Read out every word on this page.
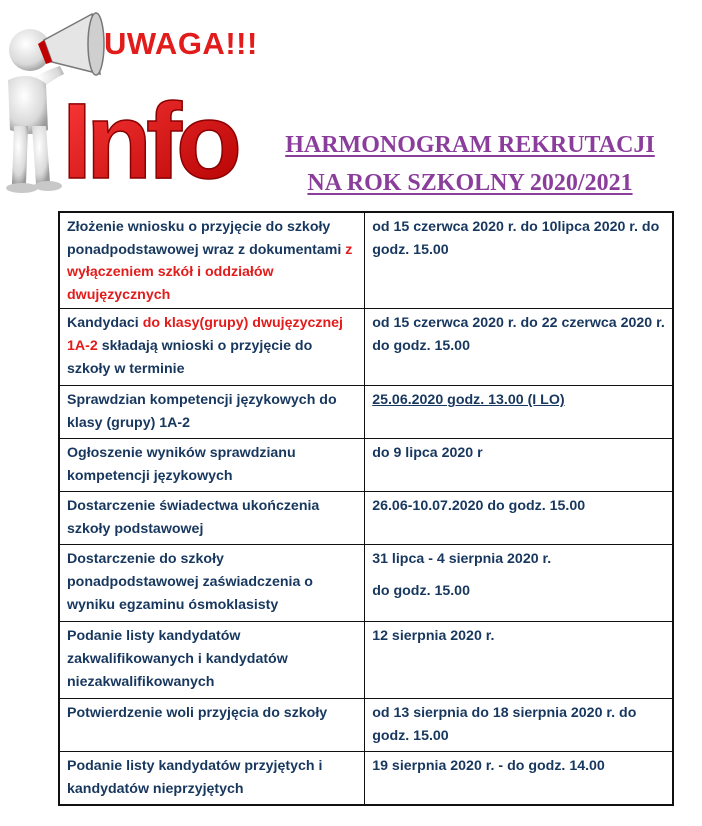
Info
UWAGA!!!
HARMONOGRAM REKRUTACJI
NA ROK SZKOLNY 2020/2021
Złożenie wniosku o przyjęcie do szkoły ponadpodstawowej wraz z dokumentami z wyłączeniem szkół i oddziałów dwujęzycznych	od 15 czerwca 2020 r. do 10lipca 2020 r. do godz. 15.00
Kandydaci do klasy(grupy) dwujęzycznej 1A-2 składają wnioski o przyjęcie do szkoły w terminie	od 15 czerwca 2020 r. do 22 czerwca 2020 r. do godz. 15.00
Sprawdzian kompetencji językowych do klasy (grupy) 1A-2	25.06.2020 godz. 13.00 (I LO)
Ogłoszenie wyników sprawdzianu kompetencji językowych	do 9 lipca 2020 r
Dostarczenie świadectwa ukończenia szkoły podstawowej	26.06-10.07.2020 do godz. 15.00
Dostarczenie do szkoły ponadpodstawowej zaświadczenia o wyniku egzaminu ósmoklasisty	31 lipca - 4 sierpnia 2020 r.
do godz. 15.00
Podanie listy kandydatów zakwalifikowanych i kandydatów niezakwalifikowanych	12 sierpnia 2020 r.
Potwierdzenie woli przyjęcia do szkoły	od 13 sierpnia do 18 sierpnia 2020 r. do godz. 15.00
Podanie listy kandydatów przyjętych i kandydatów nieprzyjętych	19 sierpnia 2020 r. - do godz. 14.00
